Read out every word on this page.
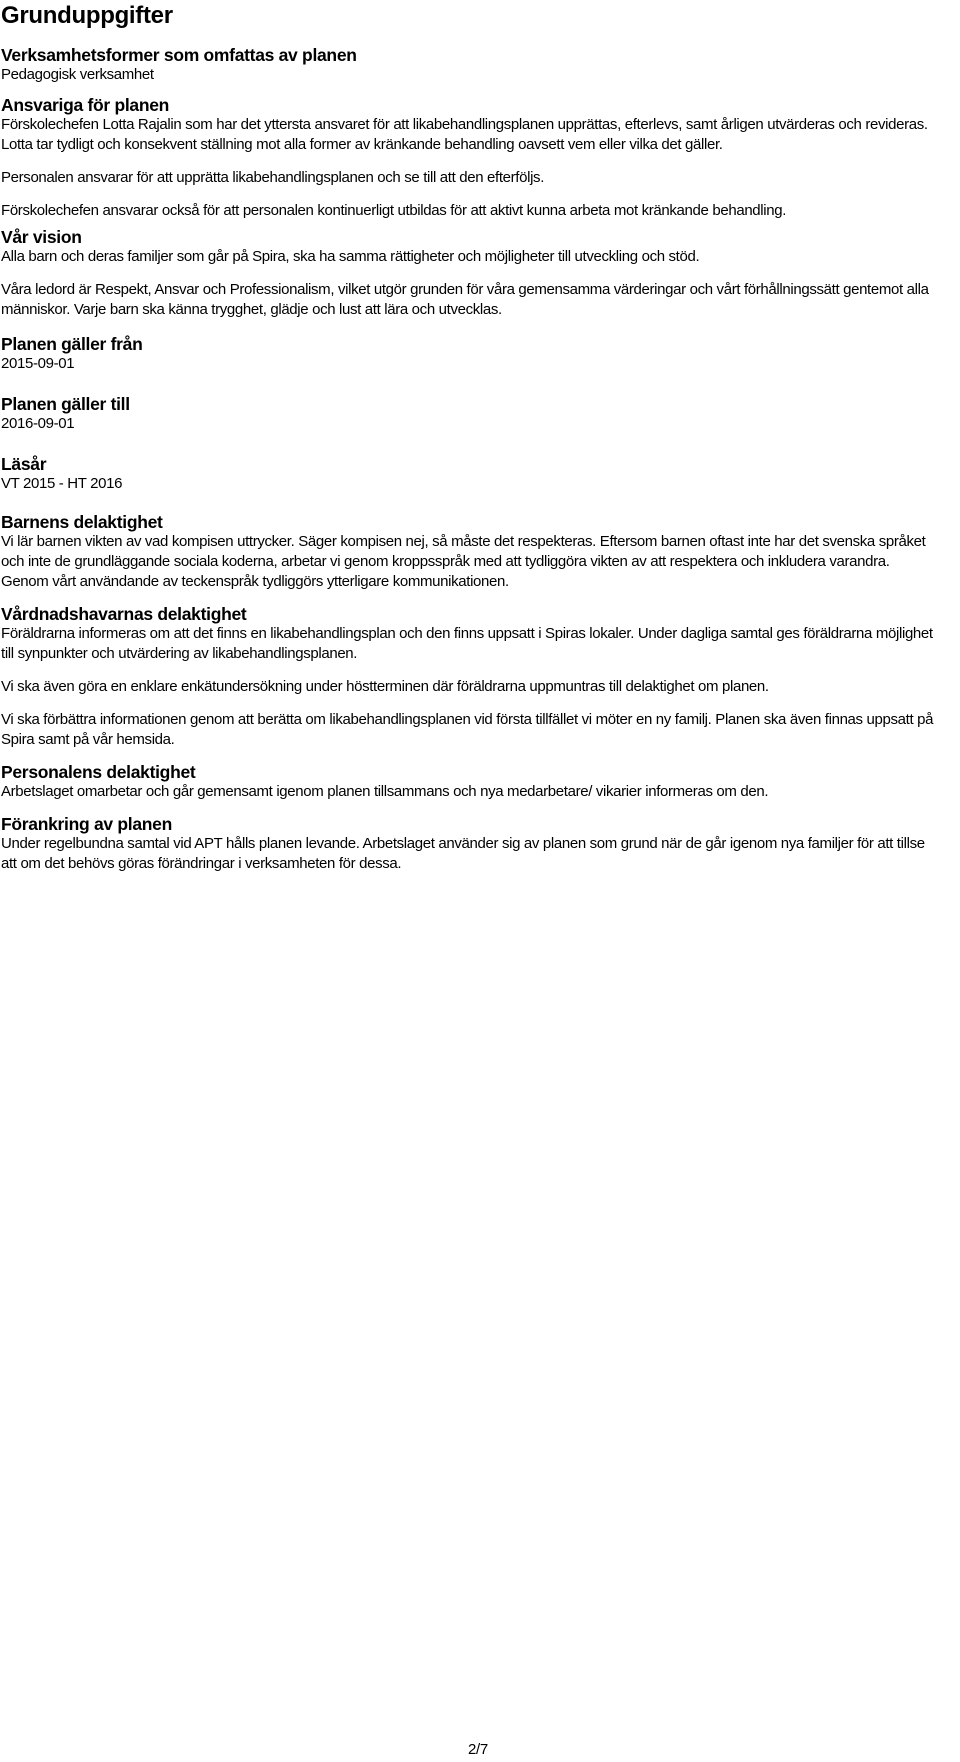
Grunduppgifter
Verksamhetsformer som omfattas av planen
Pedagogisk verksamhet
Ansvariga för planen
Förskolechefen Lotta Rajalin som har det yttersta ansvaret för att likabehandlingsplanen upprättas, efterlevs, samt årligen utvärderas och revideras. Lotta tar tydligt och konsekvent ställning mot alla former av kränkande behandling oavsett vem eller vilka det gäller.
Personalen ansvarar för att upprätta likabehandlingsplanen och se till att den efterföljs.
Förskolechefen ansvarar också för att personalen kontinuerligt utbildas för att aktivt kunna arbeta mot kränkande behandling.
Vår vision
Alla barn och deras familjer som går på Spira, ska ha samma rättigheter och möjligheter till utveckling och stöd.
Våra ledord är Respekt, Ansvar och Professionalism, vilket utgör grunden för våra gemensamma värderingar och vårt förhållningssätt gentemot alla människor. Varje barn ska känna trygghet, glädje och lust att lära och utvecklas.
Planen gäller från
2015-09-01
Planen gäller till
2016-09-01
Läsår
VT 2015 - HT 2016
Barnens delaktighet
Vi lär barnen vikten av vad kompisen uttrycker. Säger kompisen nej, så måste det respekteras. Eftersom barnen oftast inte har det svenska språket och inte de grundläggande sociala koderna, arbetar vi genom kroppsspråk med att tydliggöra vikten av att respektera och inkludera varandra. Genom vårt användande av teckenspråk tydliggörs ytterligare kommunikationen.
Vårdnadshavarnas delaktighet
Föräldrarna informeras om att det finns en likabehandlingsplan och den finns uppsatt i Spiras lokaler. Under dagliga samtal ges föräldrarna möjlighet till synpunkter och utvärdering av likabehandlingsplanen.
Vi ska även göra en enklare enkätundersökning under höstterminen där föräldrarna uppmuntras till delaktighet om planen.
Vi ska förbättra informationen genom att berätta om likabehandlingsplanen vid första tillfället vi möter en ny familj. Planen ska även finnas uppsatt på Spira samt på vår hemsida.
Personalens delaktighet
Arbetslaget omarbetar och går gemensamt igenom planen tillsammans och nya medarbetare/ vikarier informeras om den.
Förankring av planen
Under regelbundna samtal vid APT hålls planen levande. Arbetslaget använder sig av planen som grund när de går igenom nya familjer för att tillse att om det behövs göras förändringar i verksamheten för dessa.
2/7
